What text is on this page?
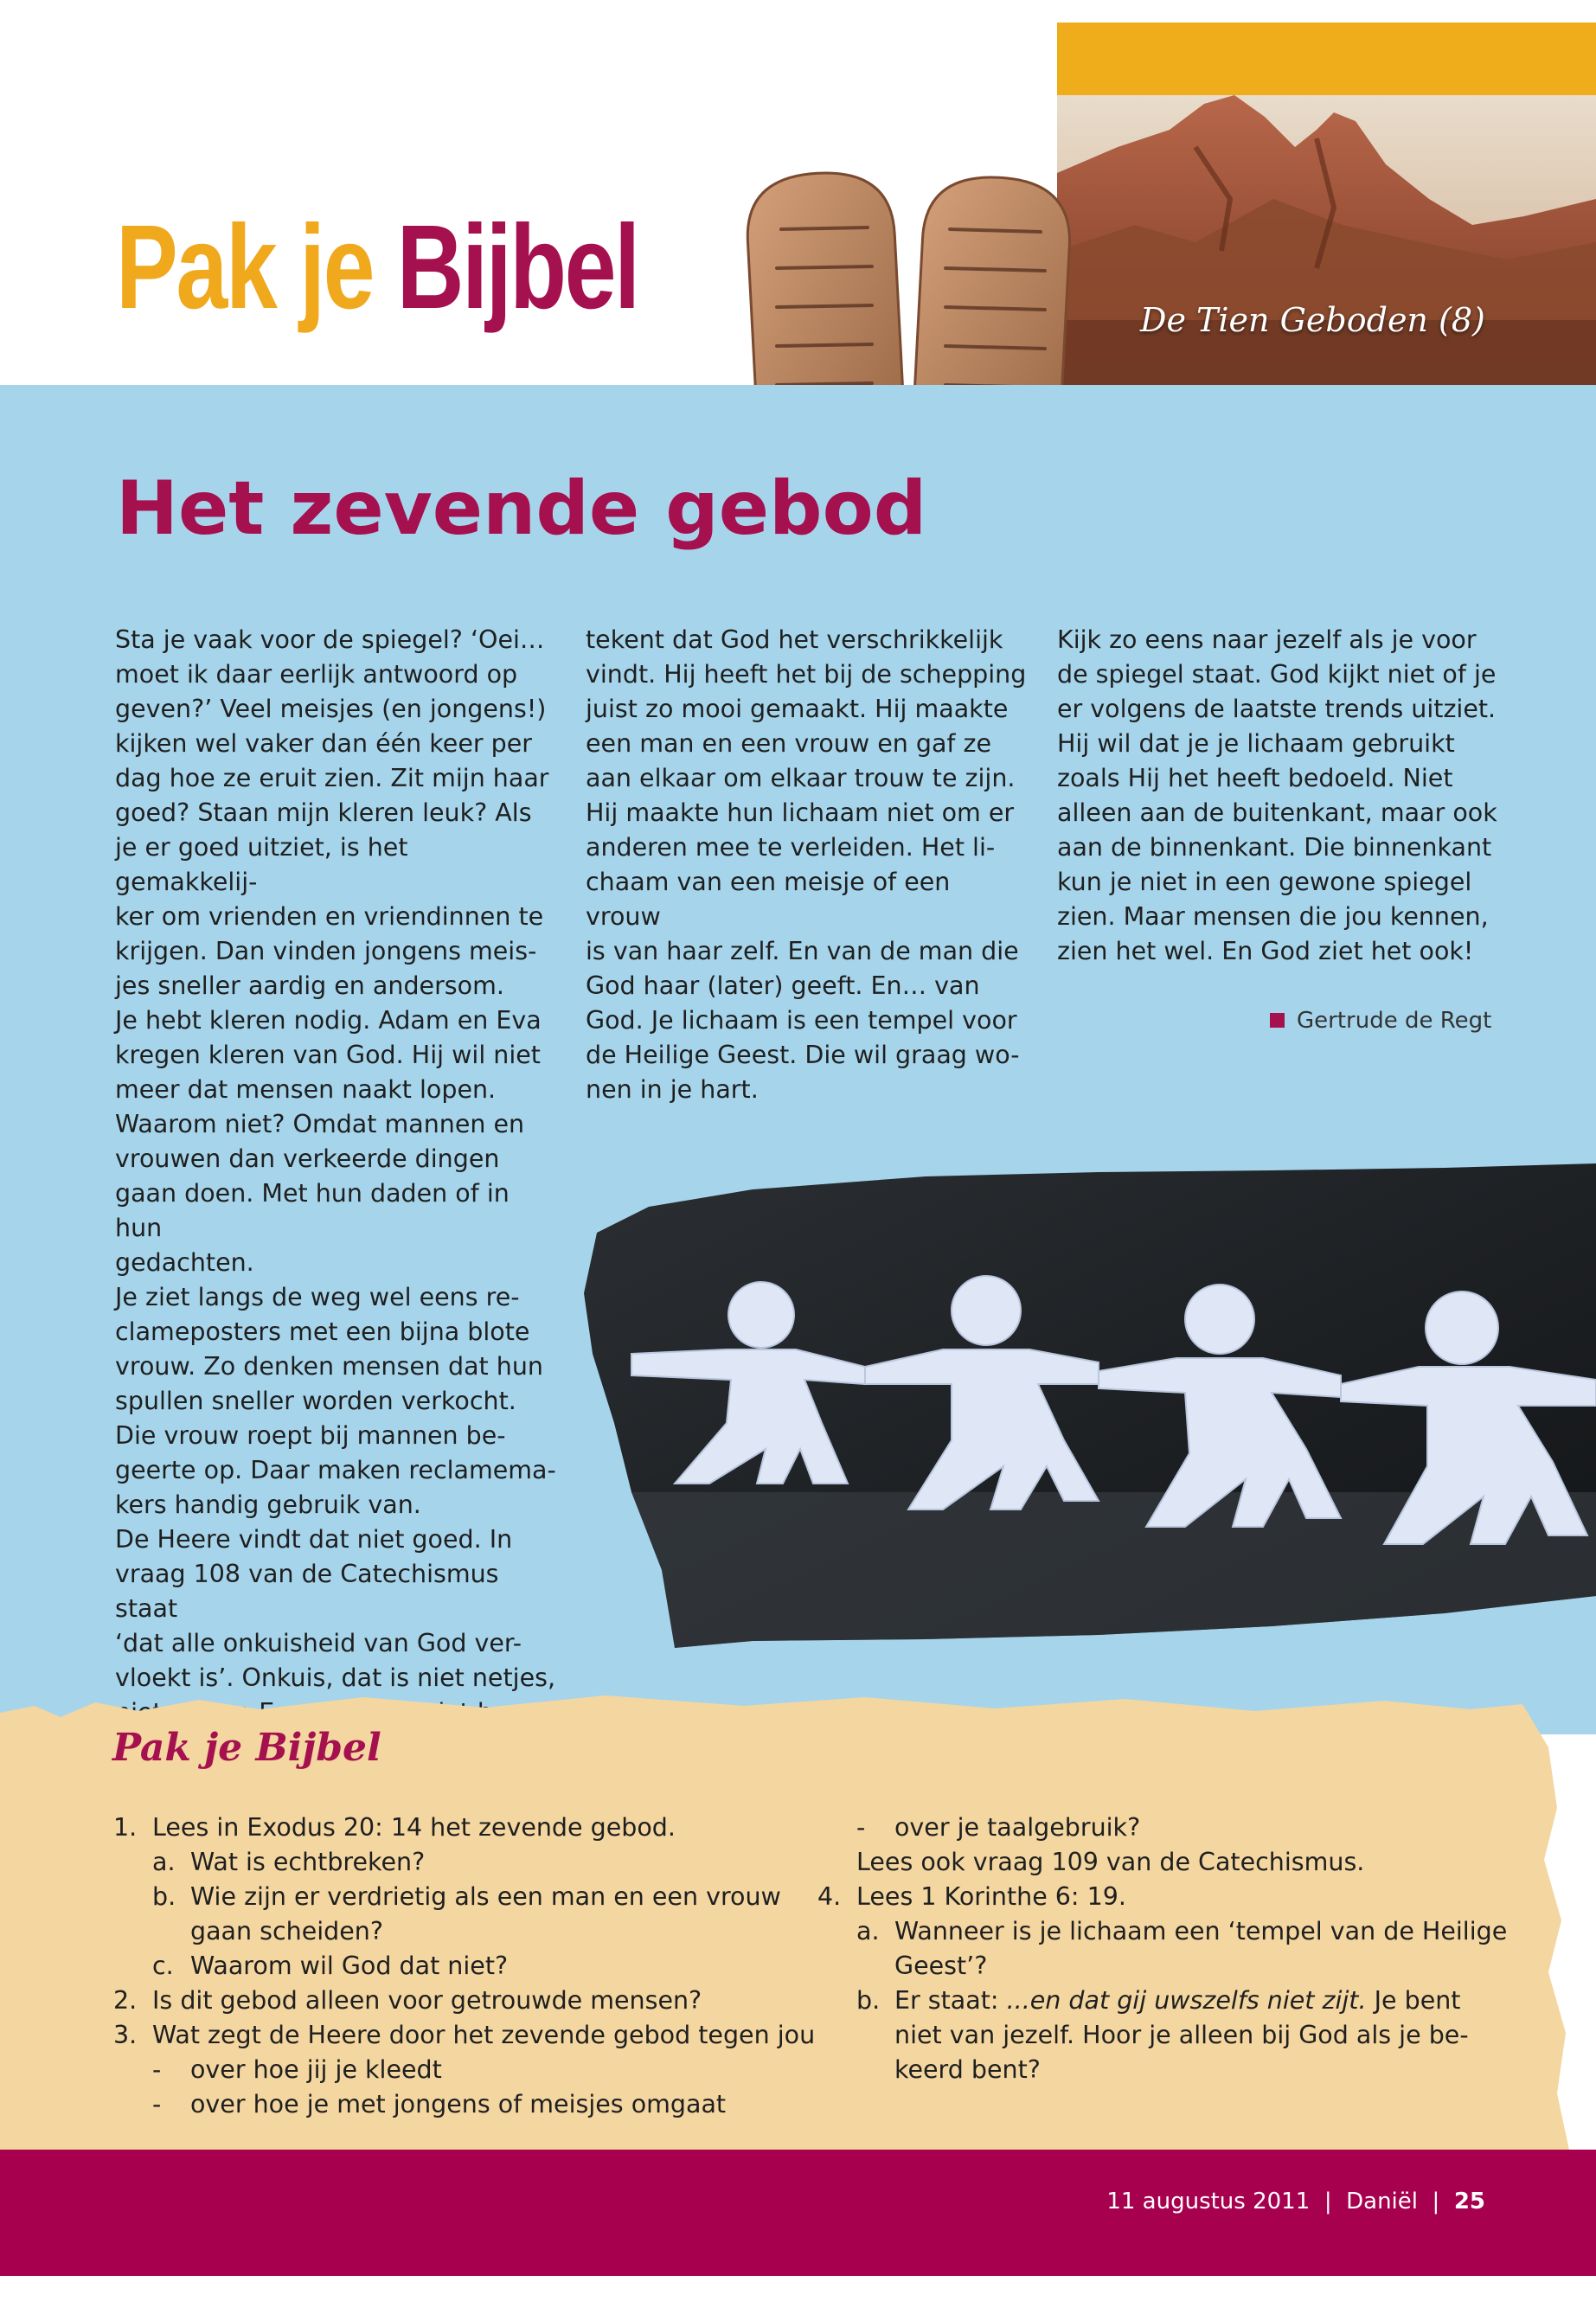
Pak je Bijbel	De Tien Geboden (8)
Het zevende gebod

Sta je vaak voor de spiegel? ‘Oei…

moet ik daar eerlijk antwoord op

geven?’ Veel meisjes (en jongens!)

kijken wel vaker dan één keer per

dag hoe ze eruit zien. Zit mijn haar

goed? Staan mijn kleren leuk? Als

je er goed uitziet, is het gemakkelij-

ker om vrienden en vriendinnen te

krijgen. Dan vinden jongens meis-

jes sneller aardig en andersom.

Je hebt kleren nodig. Adam en Eva

kregen kleren van God. Hij wil niet

meer dat mensen naakt lopen.

Waarom niet? Omdat mannen en

vrouwen dan verkeerde dingen

gaan doen. Met hun daden of in hun

gedachten.

Je ziet langs de weg wel eens re-

clameposters met een bijna blote

vrouw. Zo denken mensen dat hun

spullen sneller worden verkocht.

Die vrouw roept bij mannen be-

geerte op. Daar maken reclamema-

kers handig gebruik van.

De Heere vindt dat niet goed. In

vraag 108 van de Catechismus staat

‘dat alle onkuisheid van God ver-

vloekt is’. Onkuis, dat is niet netjes,

tekent dat God het verschrikkelijk

vindt. Hij heeft het bij de schepping

juist zo mooi gemaakt. Hij maakte

een man en een vrouw en gaf ze

aan elkaar om elkaar trouw te zijn.

Hij maakte hun lichaam niet om er

anderen mee te verleiden. Het li-

chaam van een meisje of een vrouw

is van haar zelf. En van de man die

God haar (later) geeft. En… van

God. Je lichaam is een tempel voor

de Heilige Geest. Die wil graag wo-

nen in je hart.

Kijk zo eens naar jezelf als je voor

de spiegel staat. God kijkt niet of je

er volgens de laatste trends uitziet.

Hij wil dat je je lichaam gebruikt

zoals Hij het heeft bedoeld. Niet

alleen aan de buitenkant, maar ook

aan de binnenkant. Die binnenkant

kun je niet in een gewone spiegel

zien. Maar mensen die jou kennen,

zien het wel. En God ziet het ook!

Gertrude de Regt
Pak je Bijbel
1. Lees in Exodus 20: 14 het zevende gebod.
a. Wat is echtbreken?
b. Wie zijn er verdrietig als een man en een vrouw
gaan scheiden?
c. Waarom wil God dat niet?
2. Is dit gebod alleen voor getrouwde mensen?
3. Wat zegt de Heere door het zevende gebod tegen jou
- over hoe jij je kleedt
- over hoe je met jongens of meisjes omgaat
- over je taalgebruik?
Lees ook vraag 109 van de Catechismus.
4. Lees 1 Korinthe 6: 19.
a. Wanneer is je lichaam een ‘tempel van de Heilige
Geest’?
b. Er staat: ...en dat gij uwszelfs niet zijt. Je bent
niet van jezelf. Hoor je alleen bij God als je be-
keerd bent?
11 augustus 2011 | Daniël | 25
